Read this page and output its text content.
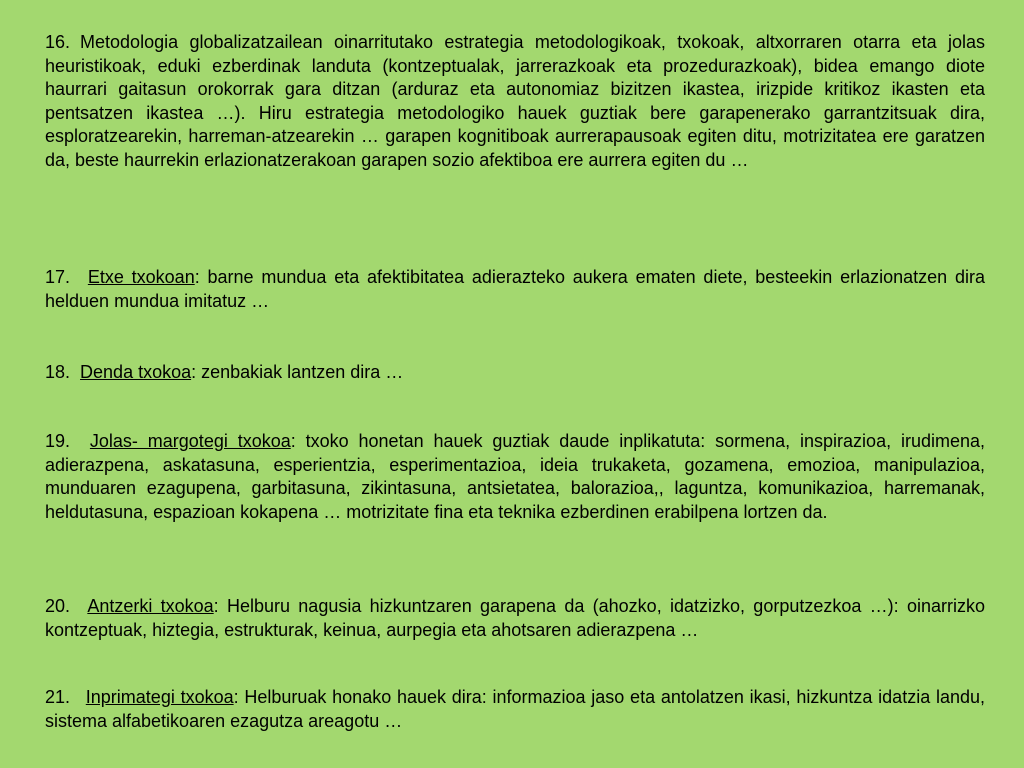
16. Metodologia globalizatzailean oinarritutako estrategia metodologikoak, txokoak, altxorraren otarra eta jolas heuristikoak, eduki ezberdinak landuta (kontzeptualak, jarrerazkoak eta prozedurazkoak), bidea emango diote haurrari gaitasun orokorrak gara ditzan (arduraz eta autonomiaz bizitzen ikastea, irizpide kritikoz ikasten eta pentsatzen ikastea …). Hiru estrategia metodologiko hauek guztiak bere garapenerako garrantzitsuak dira, esploratzearekin, harreman-atzearekin … garapen kognitiboak aurrerapausoak egiten ditu, motrizitatea ere garatzen da, beste haurrekin erlazionatzerakoan garapen sozio afektiboa ere aurrera egiten du …

17. Etxe txokoan: barne mundua eta afektibitatea adierazteko aukera ematen diete, besteekin erlazionatzen dira helduen mundua imitatuz …

18. Denda txokoa: zenbakiak lantzen dira …

19. Jolas- margotegi txokoa: txoko honetan hauek guztiak daude inplikatuta: sormena, inspirazioa, irudimena, adierazpena, askatasuna, esperientzia, esperimentazioa, ideia trukaketa, gozamena, emozioa, manipulazioa, munduaren ezagupena, garbitasuna, zikintasuna, antsietatea, balorazioa,, laguntza, komunikazioa, harremanak, heldutasuna, espazioan kokapena … motrizitate fina eta teknika ezberdinen erabilpena lortzen da.

20. Antzerki txokoa: Helburu nagusia hizkuntzaren garapena da (ahozko, idatzizko, gorputzezkoa …): oinarrizko kontzeptuak, hiztegia, estrukturak, keinua, aurpegia eta ahotsaren adierazpena …

21. Inprimategi txokoa: Helburuak honako hauek dira: informazioa jaso eta antolatzen ikasi, hizkuntza idatzia landu, sistema alfabetikoaren ezagutza areagotu …
